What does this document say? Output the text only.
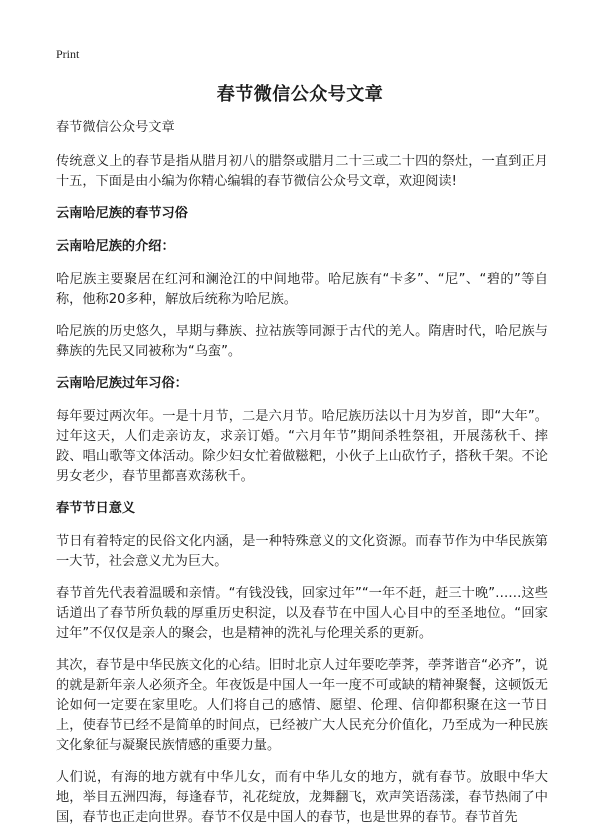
Print
春节微信公众号文章

春节微信公众号文章

传统意义上的春节是指从腊月初八的腊祭或腊月二十三或二十四的祭灶，一直到正月十五，下面是由小编为你精心编辑的春节微信公众号文章，欢迎阅读!

云南哈尼族的春节习俗
云南哈尼族的介绍：

哈尼族主要聚居在红河和澜沧江的中间地带。哈尼族有“卡多”、“尼”、“碧的”等自称，他称20多种，解放后统称为哈尼族。

哈尼族的历史悠久，早期与彝族、拉祜族等同源于古代的羌人。隋唐时代，哈尼族与彝族的先民又同被称为“乌蛮”。

云南哈尼族过年习俗：

每年要过两次年。一是十月节，二是六月节。哈尼族历法以十月为岁首，即“大年”。过年这天，人们走亲访友，求亲订婚。“六月年节”期间杀牲祭祖，开展荡秋千、摔跤、唱山歌等文体活动。除少妇女忙着做糍粑，小伙子上山砍竹子，搭秋千架。不论男女老少，春节里都喜欢荡秋千。

春节节日意义

节日有着特定的民俗文化内涵，是一种特殊意义的文化资源。而春节作为中华民族第一大节，社会意义尤为巨大。

春节首先代表着温暖和亲情。“有钱没钱，回家过年”“一年不赶，赶三十晚”……这些话道出了春节所负载的厚重历史积淀，以及春节在中国人心目中的至圣地位。“回家过年”不仅仅是亲人的聚会，也是精神的洗礼与伦理关系的更新。

其次，春节是中华民族文化的心结。旧时北京人过年要吃荸荠，荸荠谐音“必齐”，说的就是新年亲人必须齐全。年夜饭是中国人一年一度不可或缺的精神聚餐，这顿饭无论如何一定要在家里吃。人们将自己的感情、愿望、伦理、信仰都积聚在这一节日上，使春节已经不是简单的时间点，已经被广大人民充分价值化，乃至成为一种民族文化象征与凝聚民族情感的重要力量。

人们说，有海的地方就有中华儿女，而有中华儿女的地方，就有春节。放眼中华大地，举目五洲四海，每逢春节，礼花绽放，龙舞翻飞，欢声笑语荡漾，春节热闹了中国，春节也正走向世界。春节不仅是中国人的春节，也是世界的春节。春节首先
